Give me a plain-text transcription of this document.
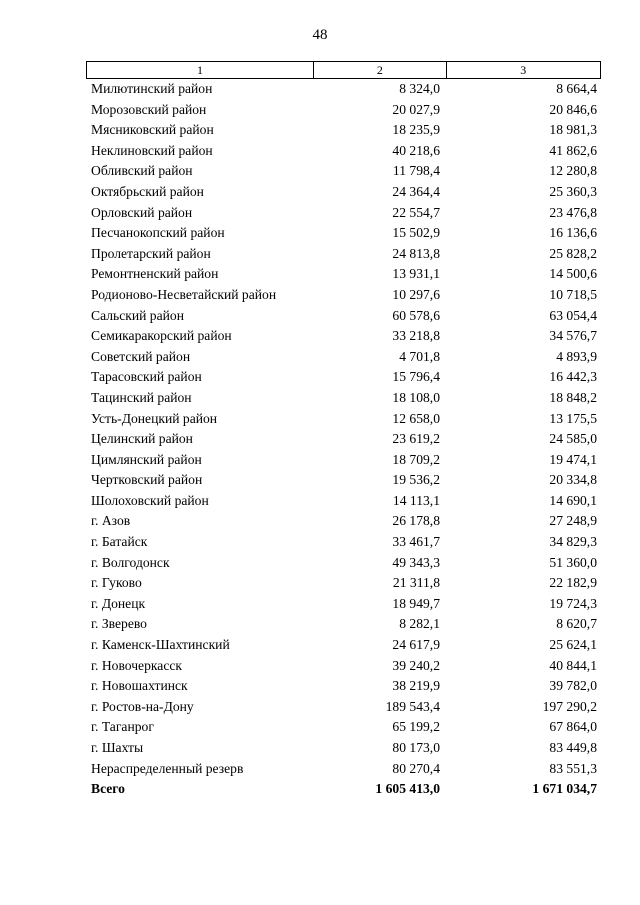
48
1	2	3
Милютинский район	8 324,0	8 664,4
Морозовский район	20 027,9	20 846,6
Мясниковский район	18 235,9	18 981,3
Неклиновский район	40 218,6	41 862,6
Обливский район	11 798,4	12 280,8
Октябрьский район	24 364,4	25 360,3
Орловский район	22 554,7	23 476,8
Песчанокопский район	15 502,9	16 136,6
Пролетарский район	24 813,8	25 828,2
Ремонтненский район	13 931,1	14 500,6
Родионово-Несветайский район	10 297,6	10 718,5
Сальский район	60 578,6	63 054,4
Семикаракорский район	33 218,8	34 576,7
Советский район	4 701,8	4 893,9
Тарасовский район	15 796,4	16 442,3
Тацинский район	18 108,0	18 848,2
Усть-Донецкий район	12 658,0	13 175,5
Целинский район	23 619,2	24 585,0
Цимлянский район	18 709,2	19 474,1
Чертковский район	19 536,2	20 334,8
Шолоховский район	14 113,1	14 690,1
г. Азов	26 178,8	27 248,9
г. Батайск	33 461,7	34 829,3
г. Волгодонск	49 343,3	51 360,0
г. Гуково	21 311,8	22 182,9
г. Донецк	18 949,7	19 724,3
г. Зверево	8 282,1	8 620,7
г. Каменск-Шахтинский	24 617,9	25 624,1
г. Новочеркасск	39 240,2	40 844,1
г. Новошахтинск	38 219,9	39 782,0
г. Ростов-на-Дону	189 543,4	197 290,2
г. Таганрог	65 199,2	67 864,0
г. Шахты	80 173,0	83 449,8
Нераспределенный резерв	80 270,4	83 551,3
Всего	1 605 413,0	1 671 034,7
